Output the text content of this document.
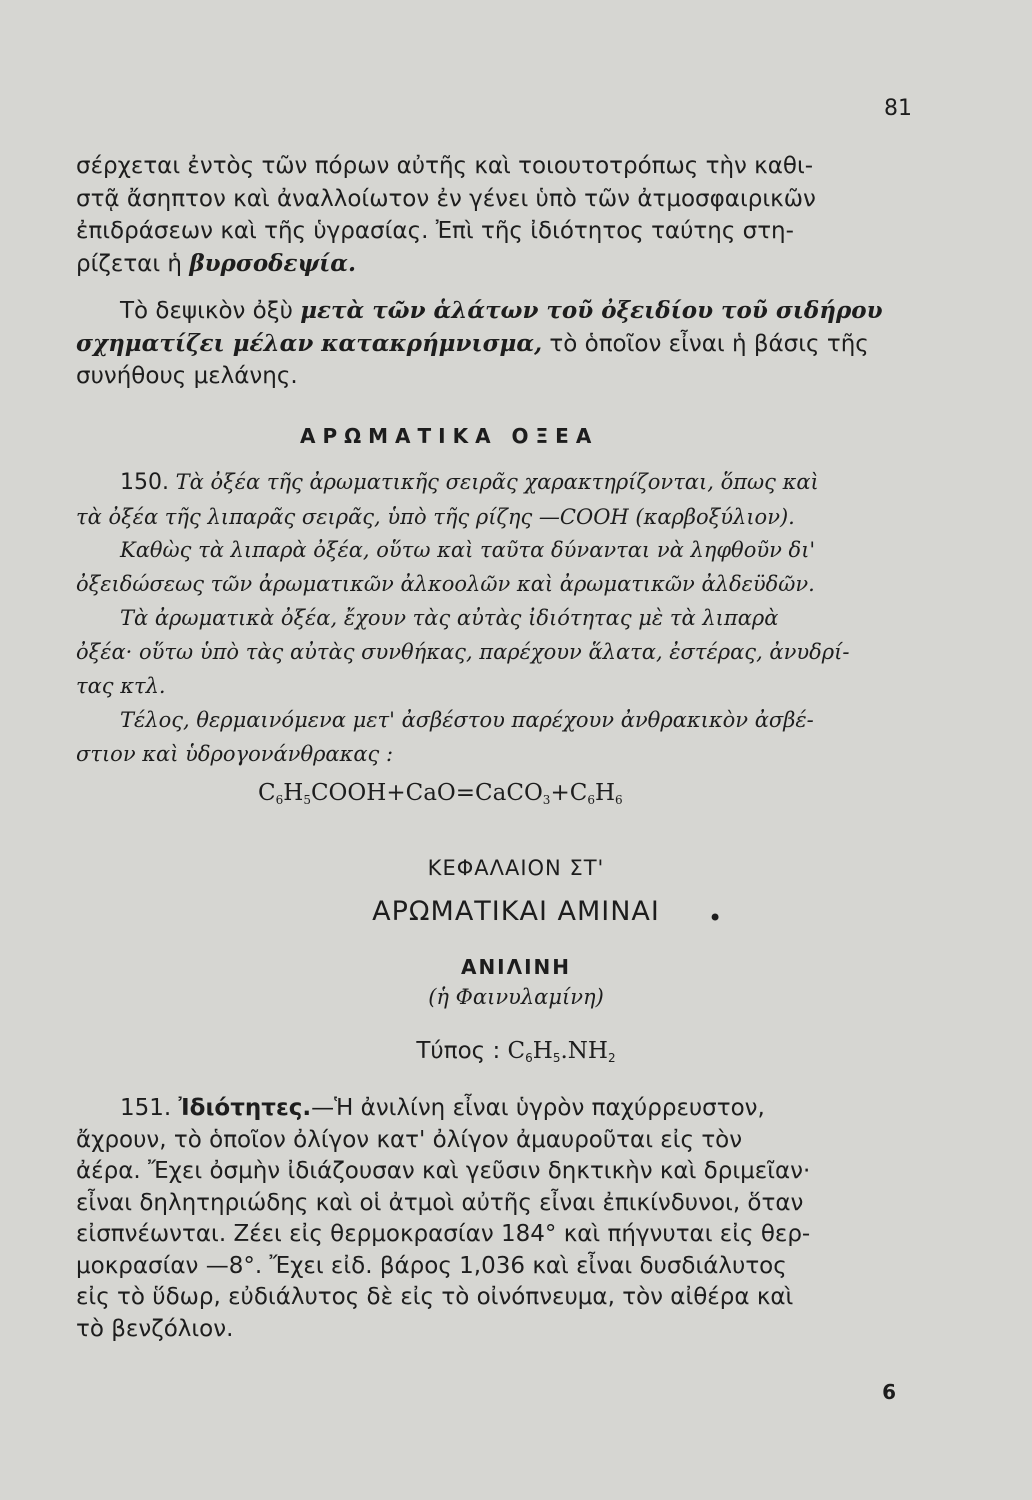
81
σέρχεται ἐντὸς τῶν πόρων αὐτῆς καὶ τοιουτοτρόπως τὴν καθι-
στᾷ ἄσηπτον καὶ ἀναλλοίωτον ἐν γένει ὑπὸ τῶν ἀτμοσφαιρικῶν
ἐπιδράσεων καὶ τῆς ὑγρασίας. Ἐπὶ τῆς ἰδιότητος ταύτης στη-
ρίζεται ἡ βυρσοδεψία.
Τὸ δεψικὸν ὀξὺ μετὰ τῶν ἁλάτων τοῦ ὀξειδίου τοῦ σιδήρου
σχηματίζει μέλαν κατακρήμνισμα, τὸ ὁποῖον εἶναι ἡ βάσις τῆς
συνήθους μελάνης.
ΑΡΩΜΑΤΙΚΑ ΟΞΕΑ
150. Τὰ ὀξέα τῆς ἀρωματικῆς σειρᾶς χαρακτηρίζονται, ὅπως καὶ
τὰ ὀξέα τῆς λιπαρᾶς σειρᾶς, ὑπὸ τῆς ρίζης —COOH (καρβοξύλιον).
Καθὼς τὰ λιπαρὰ ὀξέα, οὕτω καὶ ταῦτα δύνανται νὰ ληφθοῦν δι'
ὀξειδώσεως τῶν ἀρωματικῶν ἀλκοολῶν καὶ ἀρωματικῶν ἀλδεϋδῶν.
Τὰ ἀρωματικὰ ὀξέα, ἔχουν τὰς αὐτὰς ἰδιότητας μὲ τὰ λιπαρὰ
ὀξέα· οὕτω ὑπὸ τὰς αὐτὰς συνθήκας, παρέχουν ἅλατα, ἐστέρας, ἀνυδρί-
τας κτλ.
Τέλος, θερμαινόμενα μετ' ἀσβέστου παρέχουν ἀνθρακικὸν ἀσβέ-
στιον καὶ ὑδρογονάνθρακας :
$C_6H_5COOH+CaO=CaCO_3+C_6H_6$
ΚΕΦΑΛΑΙΟΝ ΣΤ'
ΑΡΩΜΑΤΙΚΑΙ ΑΜΙΝΑΙ	•
ΑΝΙΛΙΝΗ
(ἡ Φαινυλαμίνη)
Τύπος : $C_6H_5.NH_2$
151. Ἰδιότητες.—Ἡ ἀνιλίνη εἶναι ὑγρὸν παχύρρευστον,
ἄχρουν, τὸ ὁποῖον ὀλίγον κατ' ὀλίγον ἀμαυροῦται εἰς τὸν
ἀέρα. Ἔχει ὀσμὴν ἰδιάζουσαν καὶ γεῦσιν δηκτικὴν καὶ δριμεῖαν·
εἶναι δηλητηριώδης καὶ οἱ ἀτμοὶ αὐτῆς εἶναι ἐπικίνδυνοι, ὅταν
εἰσπνέωνται. Ζέει εἰς θερμοκρασίαν 184° καὶ πήγνυται εἰς θερ-
μοκρασίαν —8°. Ἔχει εἰδ. βάρος 1,036 καὶ εἶναι δυσδιάλυτος
εἰς τὸ ὕδωρ, εὐδιάλυτος δὲ εἰς τὸ οἰνόπνευμα, τὸν αἰθέρα καὶ
τὸ βενζόλιον.
6
